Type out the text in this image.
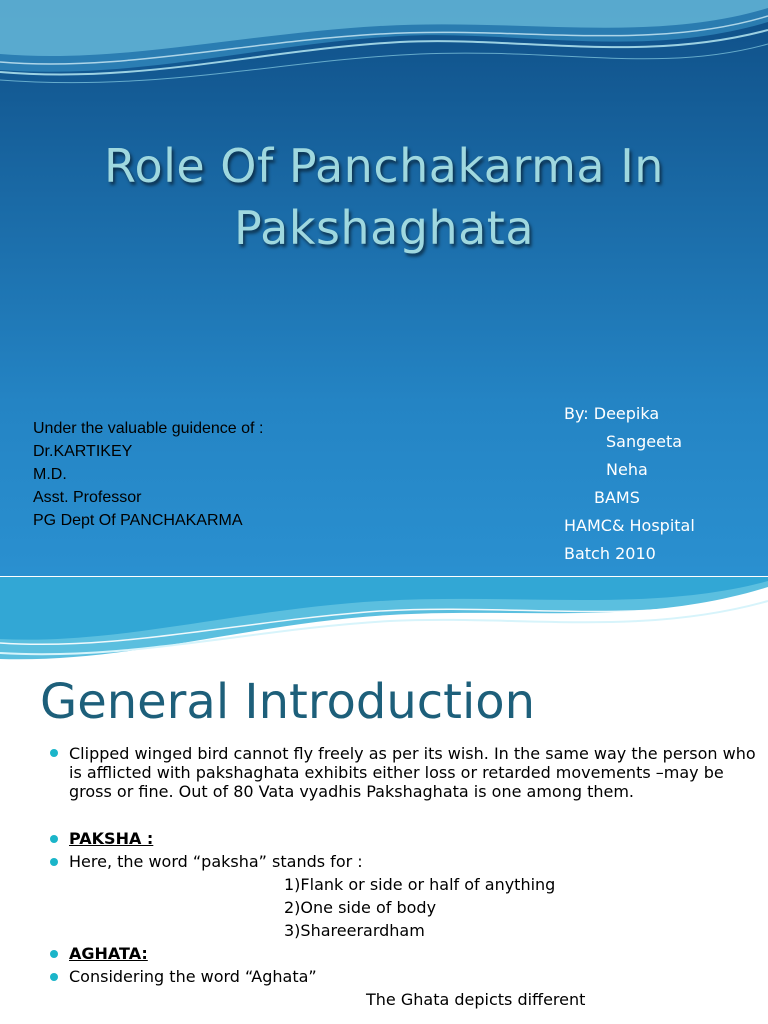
Role Of Panchakarma In
Pakshaghata
Under the valuable guidence of :
Dr.KARTIKEY
M.D.
Asst. Professor
PG Dept Of PANCHAKARMA
By: Deepika
Sangeeta
Neha
BAMS
HAMC& Hospital
Batch 2010
General Introduction
Clipped winged bird cannot fly freely as per its wish. In the same way the person who is afflicted with pakshaghata exhibits either loss or retarded movements –may be gross or fine. Out of 80 Vata vyadhis Pakshaghata is one among them.
PAKSHA :
Here, the word “paksha” stands for :
1)Flank or side or half of anything
2)One side of body
3)Shareerardham
AGHATA:
Considering the word “Aghata”
The Ghata depicts different
